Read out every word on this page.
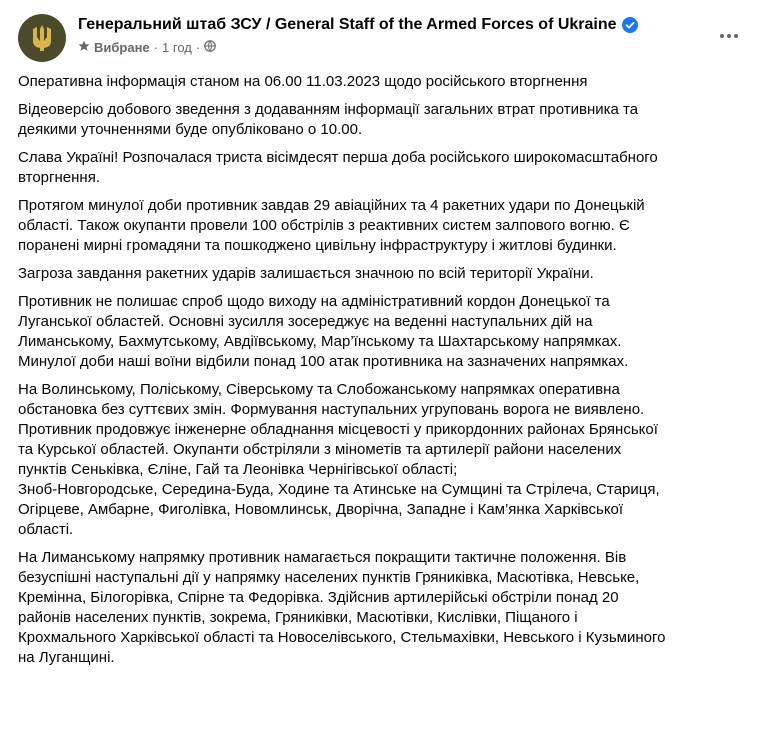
Генеральний штаб ЗСУ / General Staff of the Armed Forces of Ukraine
Вибране · 1 год ·

Оперативна інформація станом на 06.00 11.03.2023 щодо російського вторгнення

Відеоверсію добового зведення з додаванням інформації загальних втрат противника та
деякими уточненнями буде опубліковано о 10.00.

Слава Україні! Розпочалася триста вісімдесят перша доба російського широкомасштабного
вторгнення.

Протягом минулої доби противник завдав 29 авіаційних та 4 ракетних удари по Донецькій
області. Також окупанти провели 100 обстрілів з реактивних систем залпового вогню. Є
поранені мирні громадяни та пошкоджено цивільну інфраструктуру і житлові будинки.

Загроза завдання ракетних ударів залишається значною по всій території України.

Противник не полишає спроб щодо виходу на адміністративний кордон Донецької та
Луганської областей. Основні зусилля зосереджує на веденні наступальних дій на
Лиманському, Бахмутському, Авдіївському, Мар’їнському та Шахтарському напрямках.
Минулої доби наші воїни відбили понад 100 атак противника на зазначених напрямках.

На Волинському, Поліському, Сіверському та Слобожанському напрямках оперативна
обстановка без суттєвих змін. Формування наступальних угруповань ворога не виявлено.
Противник продовжує інженерне обладнання місцевості у прикордонних районах Брянської
та Курської областей. Окупанти обстріляли з мінометів та артилерії райони населених
пунктів Сеньківка, Єліне, Гай та Леонівка Чернігівської області;
Зноб-Новгородське, Середина-Буда, Ходине та Атинське на Сумщині та Стрілеча, Стариця,
Огірцеве, Амбарне, Фиголівка, Новомлинськ, Дворічна, Западне і Кам’янка Харківської
області.

На Лиманському напрямку противник намагається покращити тактичне положення. Вів
безуспішні наступальні дії у напрямку населених пунктів Гряниківка, Масютівка, Невське,
Кремінна, Білогорівка, Спірне та Федорівка. Здійснив артилерійські обстріли понад 20
районів населених пунктів, зокрема, Гряниківки, Масютівки, Кислівки, Піщаного і
Крохмального Харківської області та Новоселівського, Стельмахівки, Невського і Кузьминого
на Луганщині.
